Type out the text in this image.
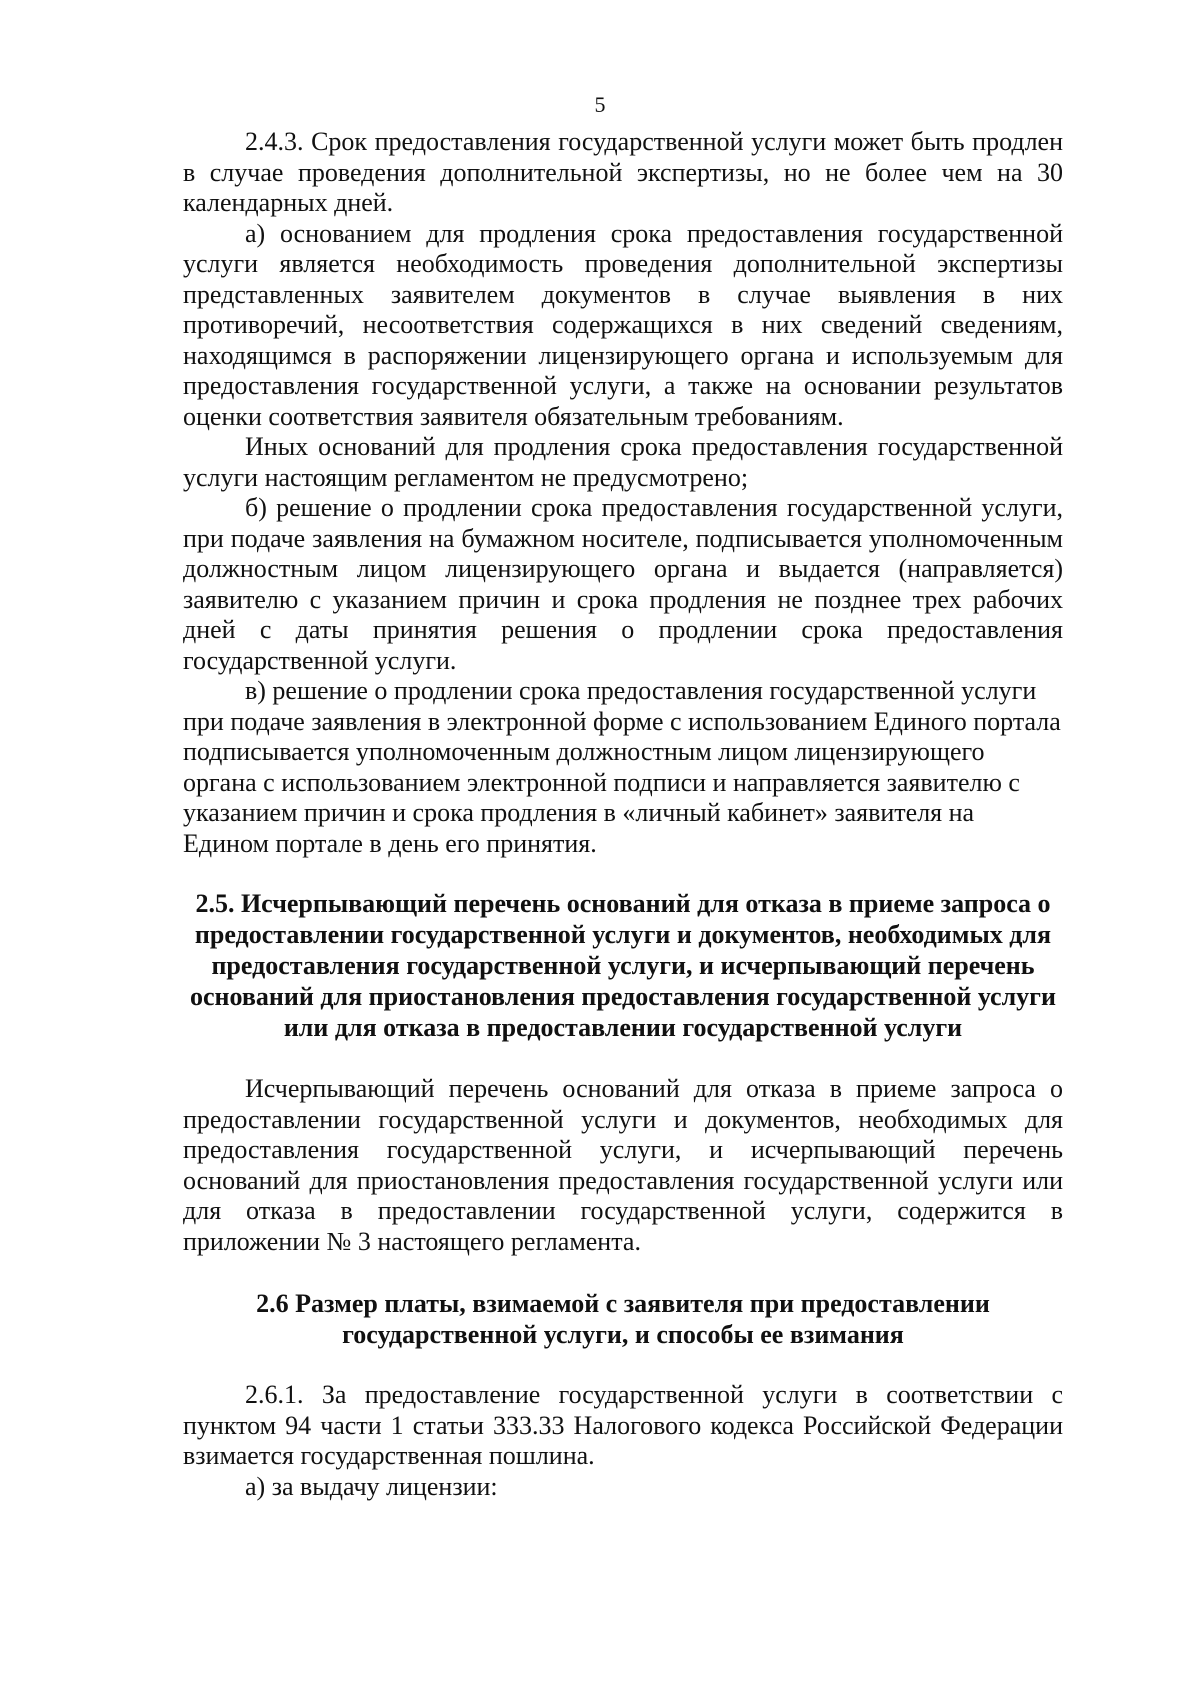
5

2.4.3. Срок предоставления государственной услуги может быть продлен в случае проведения дополнительной экспертизы, но не более чем на 30 календарных дней.

а) основанием для продления срока предоставления государственной услуги является необходимость проведения дополнительной экспертизы представленных заявителем документов в случае выявления в них противоречий, несоответствия содержащихся в них сведений сведениям, находящимся в распоряжении лицензирующего органа и используемым для предоставления государственной услуги, а также на основании результатов оценки соответствия заявителя обязательным требованиям.

Иных оснований для продления срока предоставления государственной услуги настоящим регламентом не предусмотрено;

б) решение о продлении срока предоставления государственной услуги, при подаче заявления на бумажном носителе, подписывается уполномоченным должностным лицом лицензирующего органа и выдается (направляется) заявителю с указанием причин и срока продления не позднее трех рабочих дней с даты принятия решения о продлении срока предоставления государственной услуги.

в) решение о продлении срока предоставления государственной услуги при подаче заявления в электронной форме с использованием Единого портала подписывается уполномоченным должностным лицом лицензирующего органа с использованием электронной подписи и направляется заявителю с указанием причин и срока продления в «личный кабинет» заявителя на Едином портале в день его принятия.

2.5. Исчерпывающий перечень оснований для отказа в приеме запроса о предоставлении государственной услуги и документов, необходимых для предоставления государственной услуги, и исчерпывающий перечень оснований для приостановления предоставления государственной услуги или для отказа в предоставлении государственной услуги

Исчерпывающий перечень оснований для отказа в приеме запроса о предоставлении государственной услуги и документов, необходимых для предоставления государственной услуги, и исчерпывающий перечень оснований для приостановления предоставления государственной услуги или для отказа в предоставлении государственной услуги, содержится в приложении № 3 настоящего регламента.

2.6 Размер платы, взимаемой с заявителя при предоставлении государственной услуги, и способы ее взимания

2.6.1. За предоставление государственной услуги в соответствии с пунктом 94 части 1 статьи 333.33 Налогового кодекса Российской Федерации взимается государственная пошлина.

а) за выдачу лицензии:
